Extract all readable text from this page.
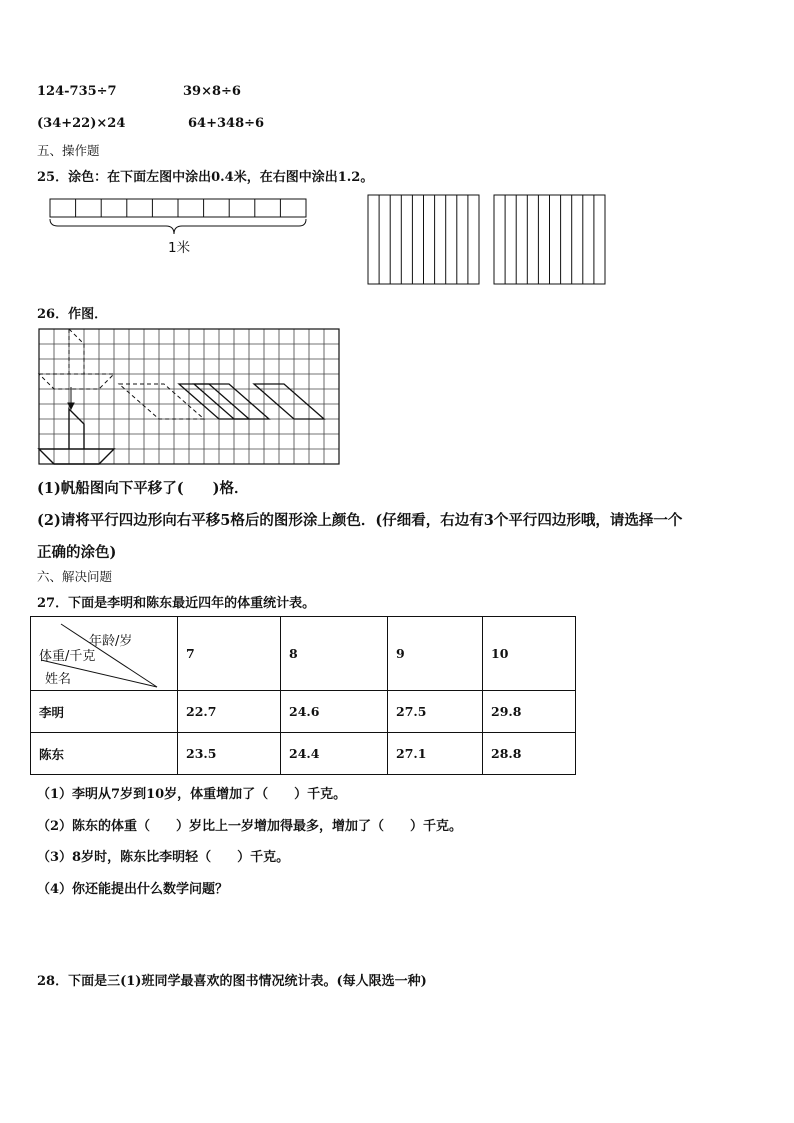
124-735÷7	39×8÷6
(34+22)×24	64+348÷6
五、操作题
25．涂色：在下面左图中涂出0.4米，在右图中涂出1.2。
1米
26．作图．
(1)帆船图向下平移了(　　)格．
(2)请将平行四边形向右平移5格后的图形涂上颜色．(仔细看，右边有3个平行四边形哦，请选择一个
正确的涂色)
六、解决问题
27．下面是李明和陈东最近四年的体重统计表。
年龄/岁
体重/千克
姓名	7	8	9	10
李明	22.7	24.6	27.5	29.8
陈东	23.5	24.4	27.1	28.8
（1）李明从7岁到10岁，体重增加了（　　）千克。
（2）陈东的体重（　　）岁比上一岁增加得最多，增加了（　　）千克。
（3）8岁时，陈东比李明轻（　　）千克。
（4）你还能提出什么数学问题？
28．下面是三(1)班同学最喜欢的图书情况统计表。(每人限选一种)
